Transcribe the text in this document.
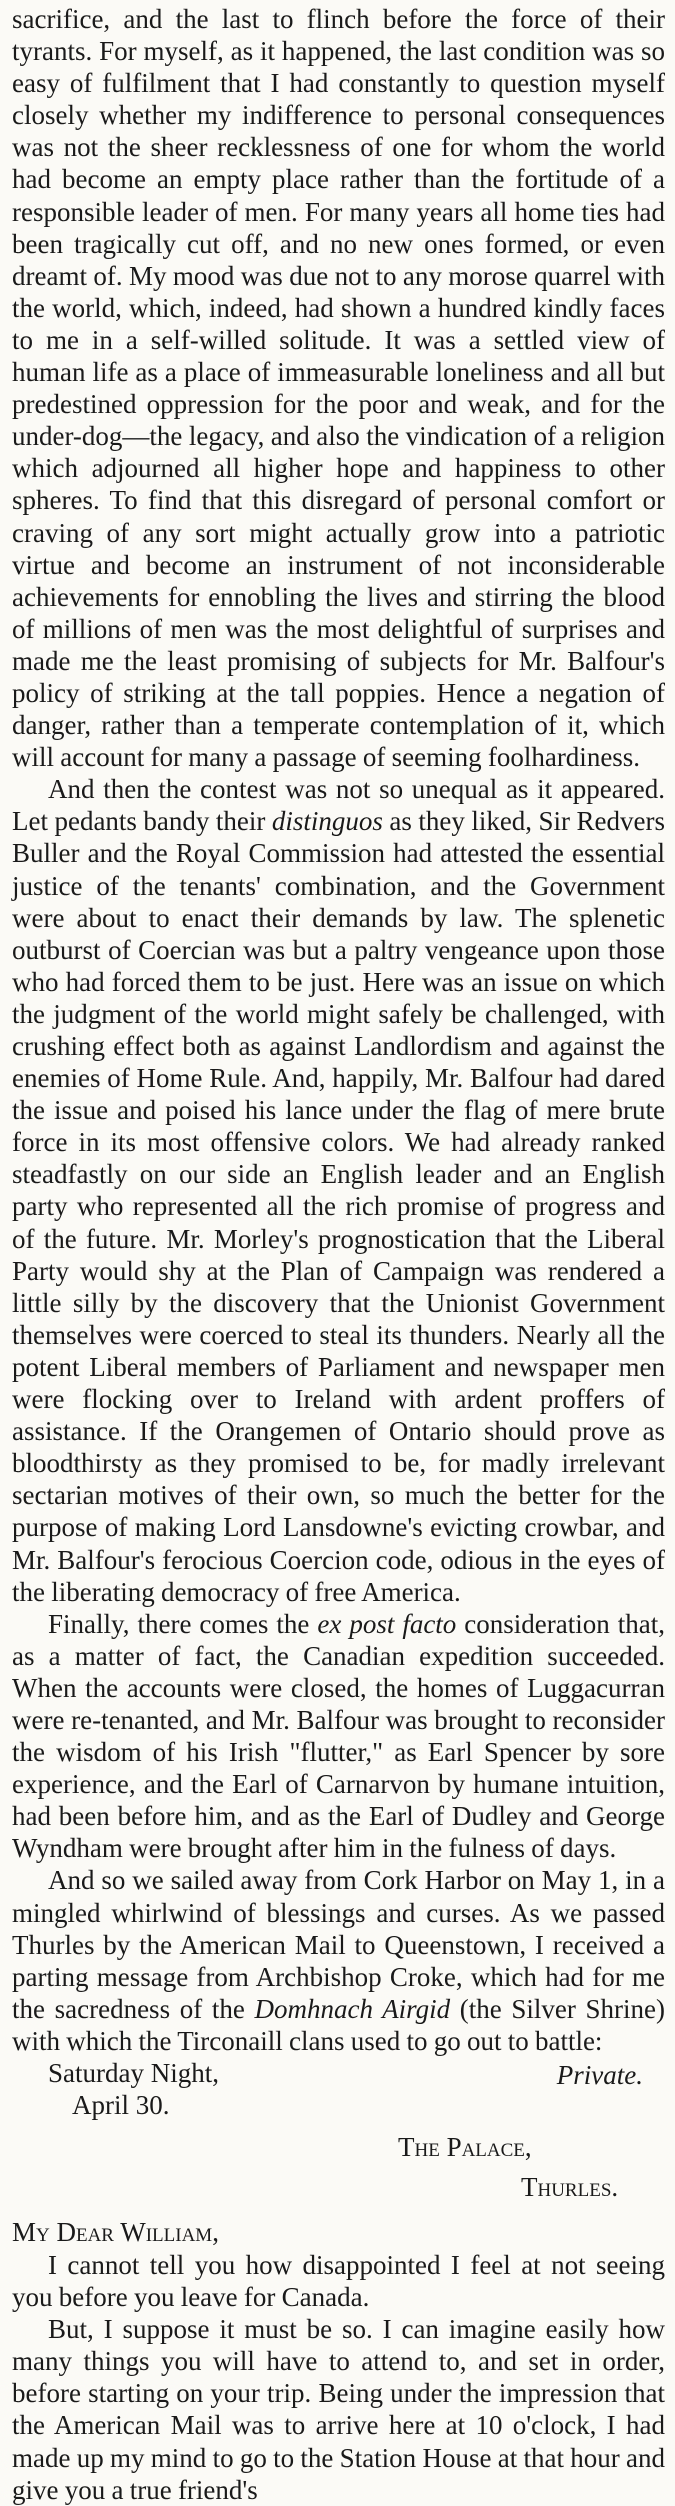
sacrifice, and the last to flinch before the force of their tyrants. For myself, as it happened, the last condition was so easy of fulfilment that I had constantly to question myself closely whether my indifference to personal consequences was not the sheer recklessness of one for whom the world had become an empty place rather than the fortitude of a responsible leader of men. For many years all home ties had been tragically cut off, and no new ones formed, or even dreamt of. My mood was due not to any morose quarrel with the world, which, indeed, had shown a hundred kindly faces to me in a self-willed solitude. It was a settled view of human life as a place of immeasurable loneliness and all but predestined oppression for the poor and weak, and for the under-dog—the legacy, and also the vindication of a religion which adjourned all higher hope and happiness to other spheres. To find that this disregard of personal comfort or craving of any sort might actually grow into a patriotic virtue and become an instrument of not inconsiderable achievements for ennobling the lives and stirring the blood of millions of men was the most delightful of surprises and made me the least promising of subjects for Mr. Balfour's policy of striking at the tall poppies. Hence a negation of danger, rather than a temperate contemplation of it, which will account for many a passage of seeming foolhardiness.

And then the contest was not so unequal as it appeared. Let pedants bandy their distinguos as they liked, Sir Redvers Buller and the Royal Commission had attested the essential justice of the tenants' combination, and the Government were about to enact their demands by law. The splenetic outburst of Coercian was but a paltry vengeance upon those who had forced them to be just. Here was an issue on which the judgment of the world might safely be challenged, with crushing effect both as against Landlordism and against the enemies of Home Rule. And, happily, Mr. Balfour had dared the issue and poised his lance under the flag of mere brute force in its most offensive colors. We had already ranked steadfastly on our side an English leader and an English party who represented all the rich promise of progress and of the future. Mr. Morley's prognostication that the Liberal Party would shy at the Plan of Campaign was rendered a little silly by the discovery that the Unionist Government themselves were coerced to steal its thunders. Nearly all the potent Liberal members of Parliament and newspaper men were flocking over to Ireland with ardent proffers of assistance. If the Orangemen of Ontario should prove as bloodthirsty as they promised to be, for madly irrelevant sectarian motives of their own, so much the better for the purpose of making Lord Lansdowne's evicting crowbar, and Mr. Balfour's ferocious Coercion code, odious in the eyes of the liberating democracy of free America.

Finally, there comes the ex post facto consideration that, as a matter of fact, the Canadian expedition succeeded. When the accounts were closed, the homes of Luggacurran were re-tenanted, and Mr. Balfour was brought to reconsider the wisdom of his Irish "flutter," as Earl Spencer by sore experience, and the Earl of Carnarvon by humane intuition, had been before him, and as the Earl of Dudley and George Wyndham were brought after him in the fulness of days.

And so we sailed away from Cork Harbor on May 1, in a mingled whirlwind of blessings and curses. As we passed Thurles by the American Mail to Queenstown, I received a parting message from Archbishop Croke, which had for me the sacredness of the Domhnach Airgid (the Silver Shrine) with which the Tirconaill clans used to go out to battle:

Saturday Night,
April 30.
Private.
The Palace,
Thurles.
My Dear William,

I cannot tell you how disappointed I feel at not seeing you before you leave for Canada.

But, I suppose it must be so. I can imagine easily how many things you will have to attend to, and set in order, before starting on your trip. Being under the impression that the American Mail was to arrive here at 10 o'clock, I had made up my mind to go to the Station House at that hour and give you a true friend's
